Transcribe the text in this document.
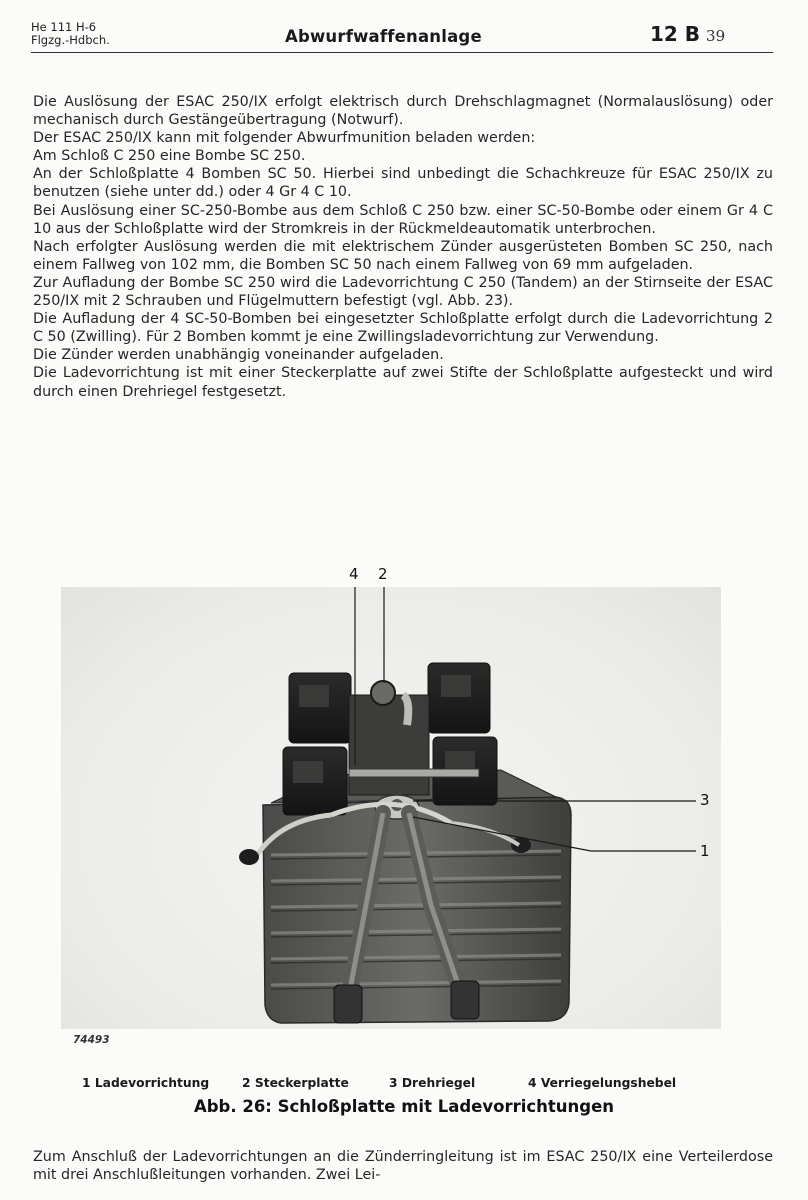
He 111 H-6
Flgzg.-Hdbch.	Abwurfwaffenanlage	12 B 39

Die Auslösung der ESAC 250/IX erfolgt elektrisch durch Drehschlagmagnet (Normalauslösung) oder mechanisch durch Gestängeübertragung (Notwurf).

Der ESAC 250/IX kann mit folgender Abwurfmunition beladen werden:

Am Schloß C 250 eine Bombe SC 250.

An der Schloßplatte 4 Bomben SC 50. Hierbei sind unbedingt die Schachkreuze für ESAC 250/IX zu benutzen (siehe unter dd.) oder 4 Gr 4 C 10.

Bei Auslösung einer SC-250-Bombe aus dem Schloß C 250 bzw. einer SC-50-Bombe oder einem Gr 4 C 10 aus der Schloßplatte wird der Stromkreis in der Rückmeldeautomatik unterbrochen.

Nach erfolgter Auslösung werden die mit elektrischem Zünder ausgerüsteten Bomben SC 250, nach einem Fallweg von 102 mm, die Bomben SC 50 nach einem Fallweg von 69 mm aufgeladen.

Zur Aufladung der Bombe SC 250 wird die Ladevorrichtung C 250 (Tandem) an der Stirnseite der ESAC 250/IX mit 2 Schrauben und Flügelmuttern befestigt (vgl. Abb. 23).

Die Aufladung der 4 SC-50-Bomben bei eingesetzter Schloßplatte erfolgt durch die Ladevorrichtung 2 C 50 (Zwilling). Für 2 Bomben kommt je eine Zwillingsladevorrichtung zur Verwendung.

Die Zünder werden unabhängig voneinander aufgeladen.

Die Ladevorrichtung ist mit einer Steckerplatte auf zwei Stifte der Schloßplatte aufgesteckt und wird durch einen Drehriegel festgesetzt.

4 2
3
1
74493
1 Ladevorrichtung	2 Steckerplatte	3 Drehriegel	4 Verriegelungshebel
Abb. 26: Schloßplatte mit Ladevorrichtungen

Zum Anschluß der Ladevorrichtungen an die Zünderringleitung ist im ESAC 250/IX eine Verteilerdose mit drei Anschlußleitungen vorhanden. Zwei Lei-
